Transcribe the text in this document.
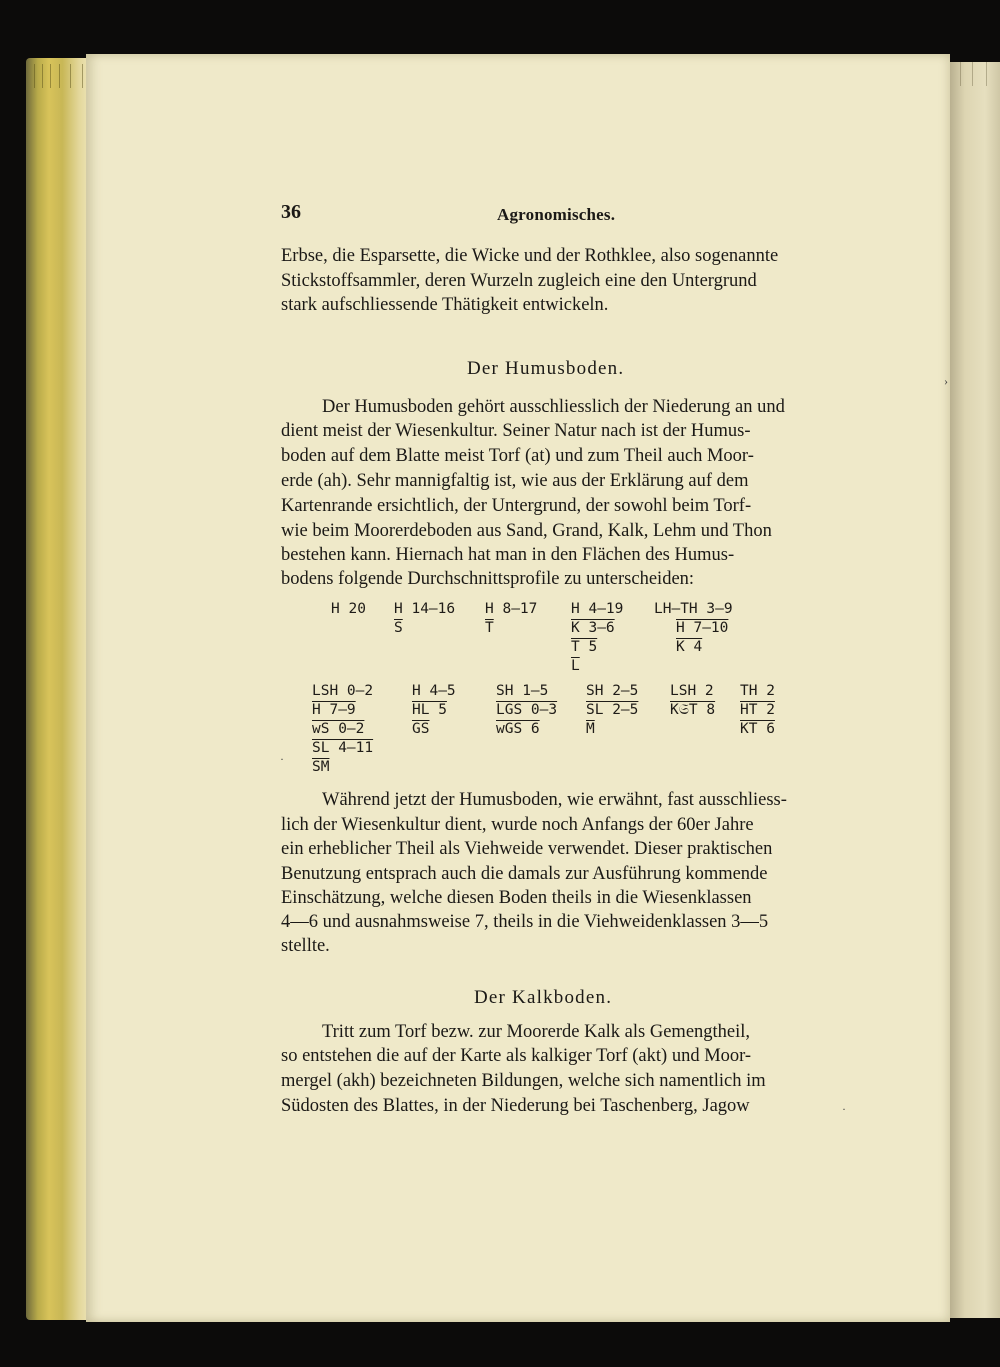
36	Agronomisches.
Erbse, die Esparsette, die Wicke und der Rothklee, also sogenannte
Stickstoffsammler, deren Wurzeln zugleich eine den Untergrund
stark aufschliessende Thätigkeit entwickeln.
Der Humusboden.
Der Humusboden gehört ausschliesslich der Niederung an und
dient meist der Wiesenkultur. Seiner Natur nach ist der Humus-
boden auf dem Blatte meist Torf (at) und zum Theil auch Moor-
erde (ah). Sehr mannigfaltig ist, wie aus der Erklärung auf dem
Kartenrande ersichtlich, der Untergrund, der sowohl beim Torf-
wie beim Moorerdeboden aus Sand, Grand, Kalk, Lehm und Thon
bestehen kann. Hiernach hat man in den Flächen des Humus-
bodens folgende Durchschnittsprofile zu unterscheiden:
H 20 H 14—16
$\overline{S}$
H 8—17
$\overline{T}$
H 4—19
K 3—6
T 5
$\overline{L}$
LH—TH 3—9
H 7—10
K 4
LSH 0—2
H 7—9
wS 0—2
SL 4—11
$\overline{SM}$
H 4—5
HL 5
$\overline{GS}$
SH 1—5
LGS 0—3
wGS 6
SH 2—5
SL 2—5
$\overline{M}$
LSH 2
K𝔖T 8
TH 2
HT 2
KT 6
Während jetzt der Humusboden, wie erwähnt, fast ausschliess-
lich der Wiesenkultur dient, wurde noch Anfangs der 60er Jahre
ein erheblicher Theil als Viehweide verwendet. Dieser praktischen
Benutzung entsprach auch die damals zur Ausführung kommende
Einschätzung, welche diesen Boden theils in die Wiesenklassen
4—6 und ausnahmsweise 7, theils in die Viehweidenklassen 3—5
stellte.
Der Kalkboden.
Tritt zum Torf bezw. zur Moorerde Kalk als Gemengtheil,
so entstehen die auf der Karte als kalkiger Torf (akt) und Moor-
mergel (akh) bezeichneten Bildungen, welche sich namentlich im
Südosten des Blattes, in der Niederung bei Taschenberg, Jagow
›
·
·
